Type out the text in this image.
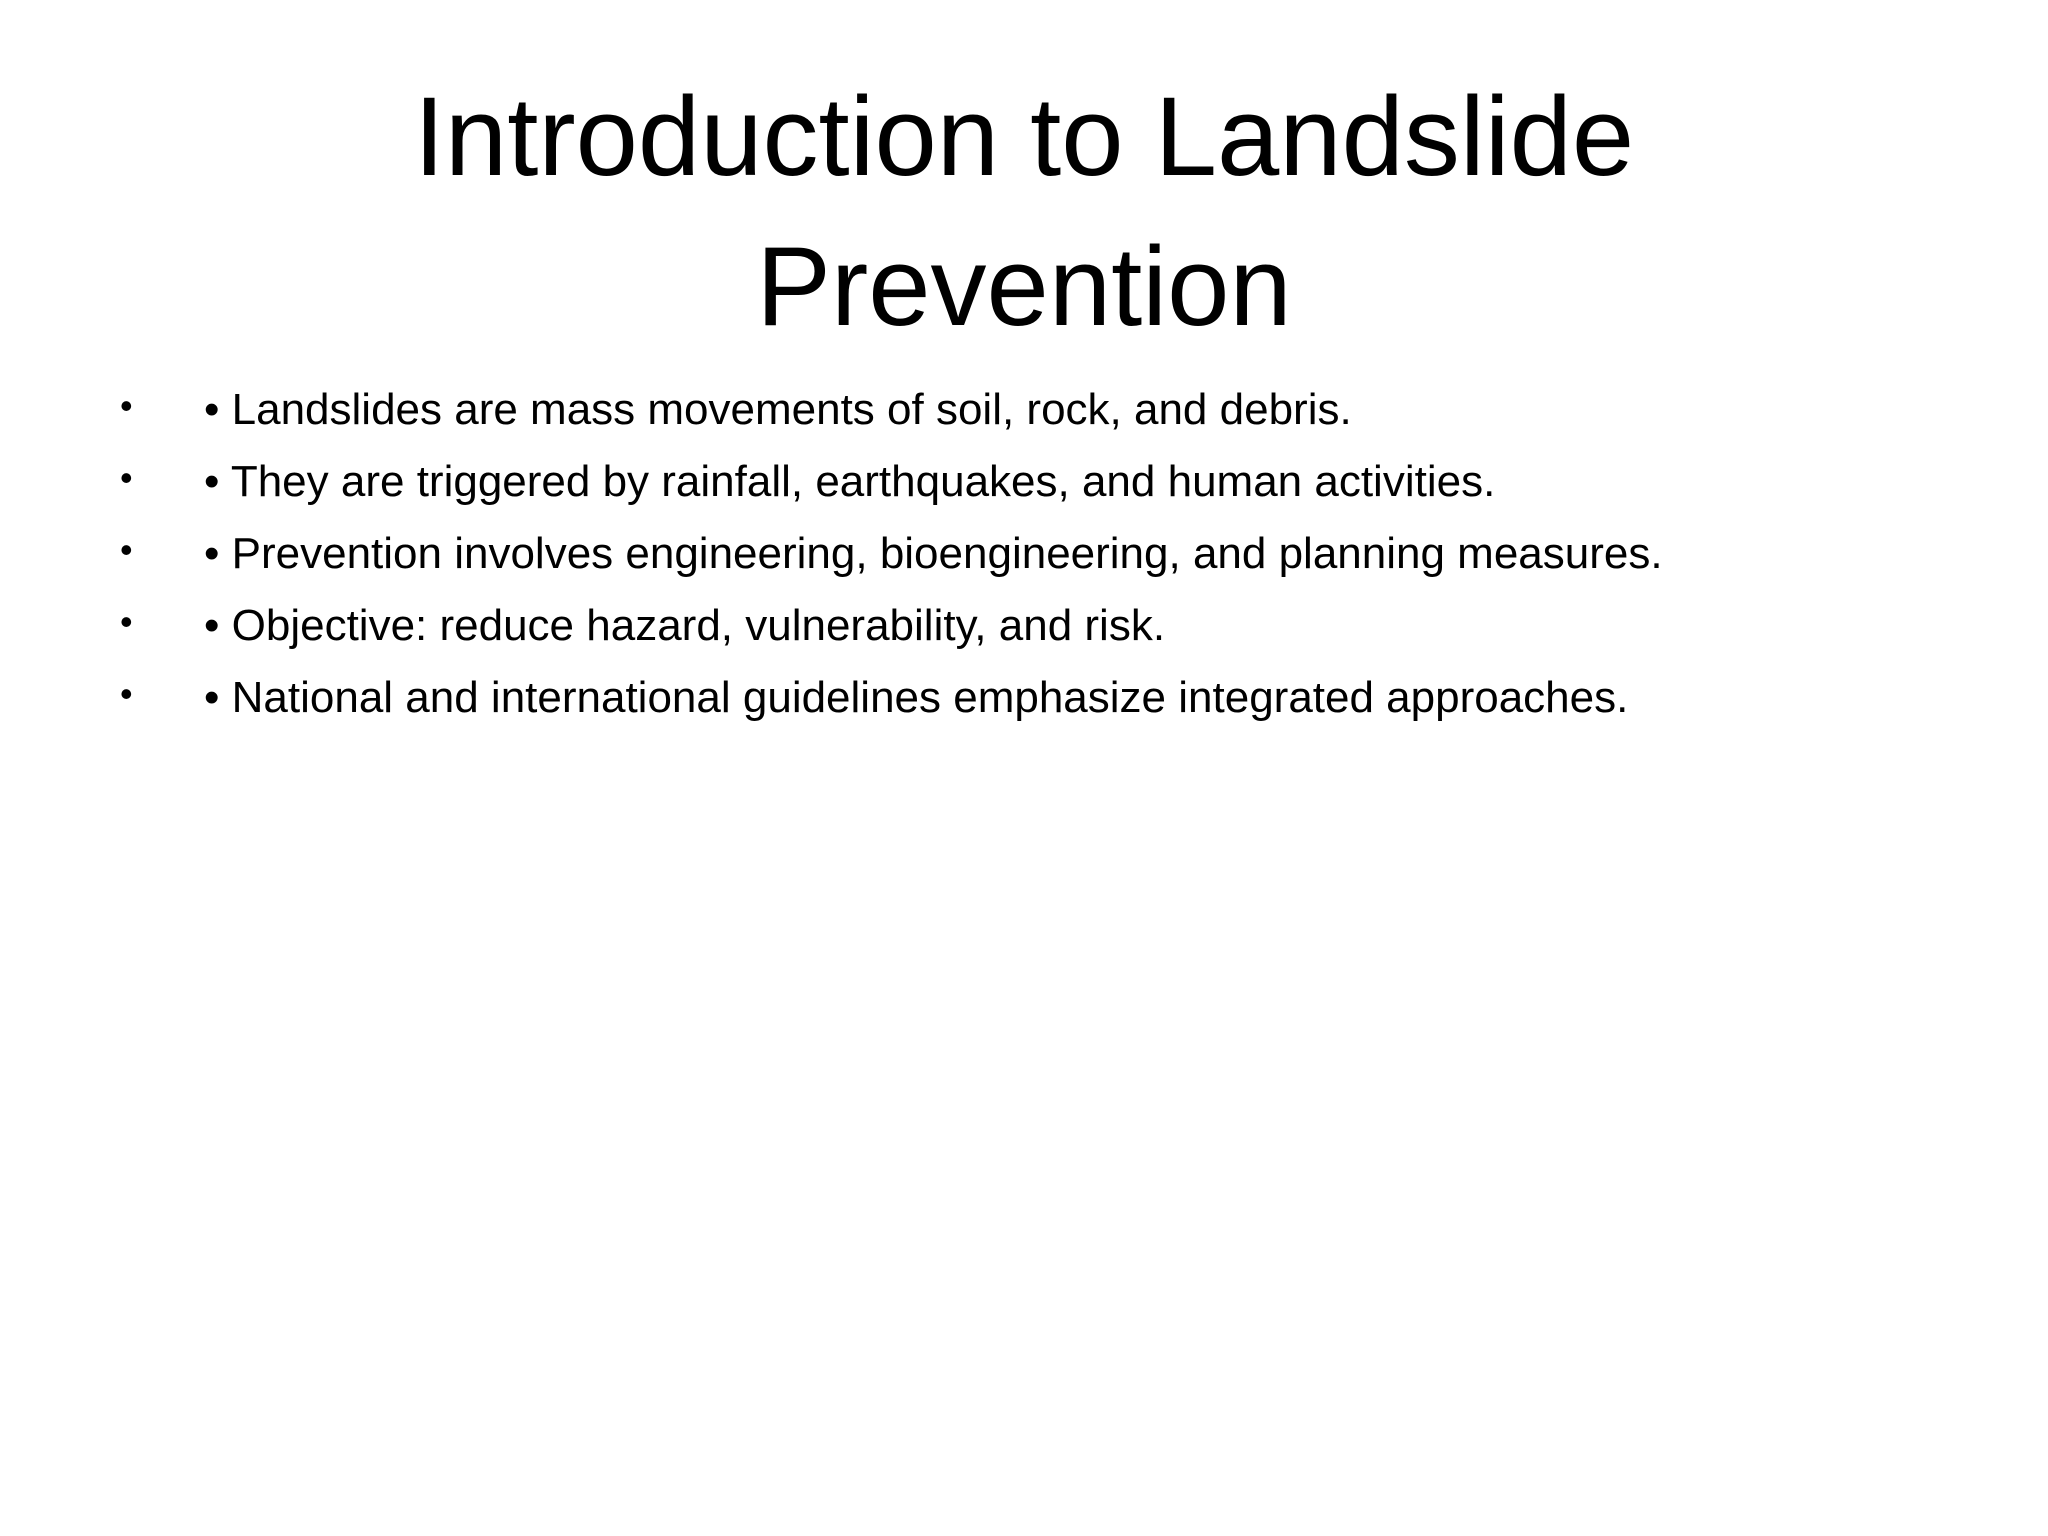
Introduction to Landslide
Prevention
•	• Landslides are mass movements of soil, rock, and debris.
•	• They are triggered by rainfall, earthquakes, and human activities.
•	• Prevention involves engineering, bioengineering, and planning measures.
•	• Objective: reduce hazard, vulnerability, and risk.
•	• National and international guidelines emphasize integrated approaches.
